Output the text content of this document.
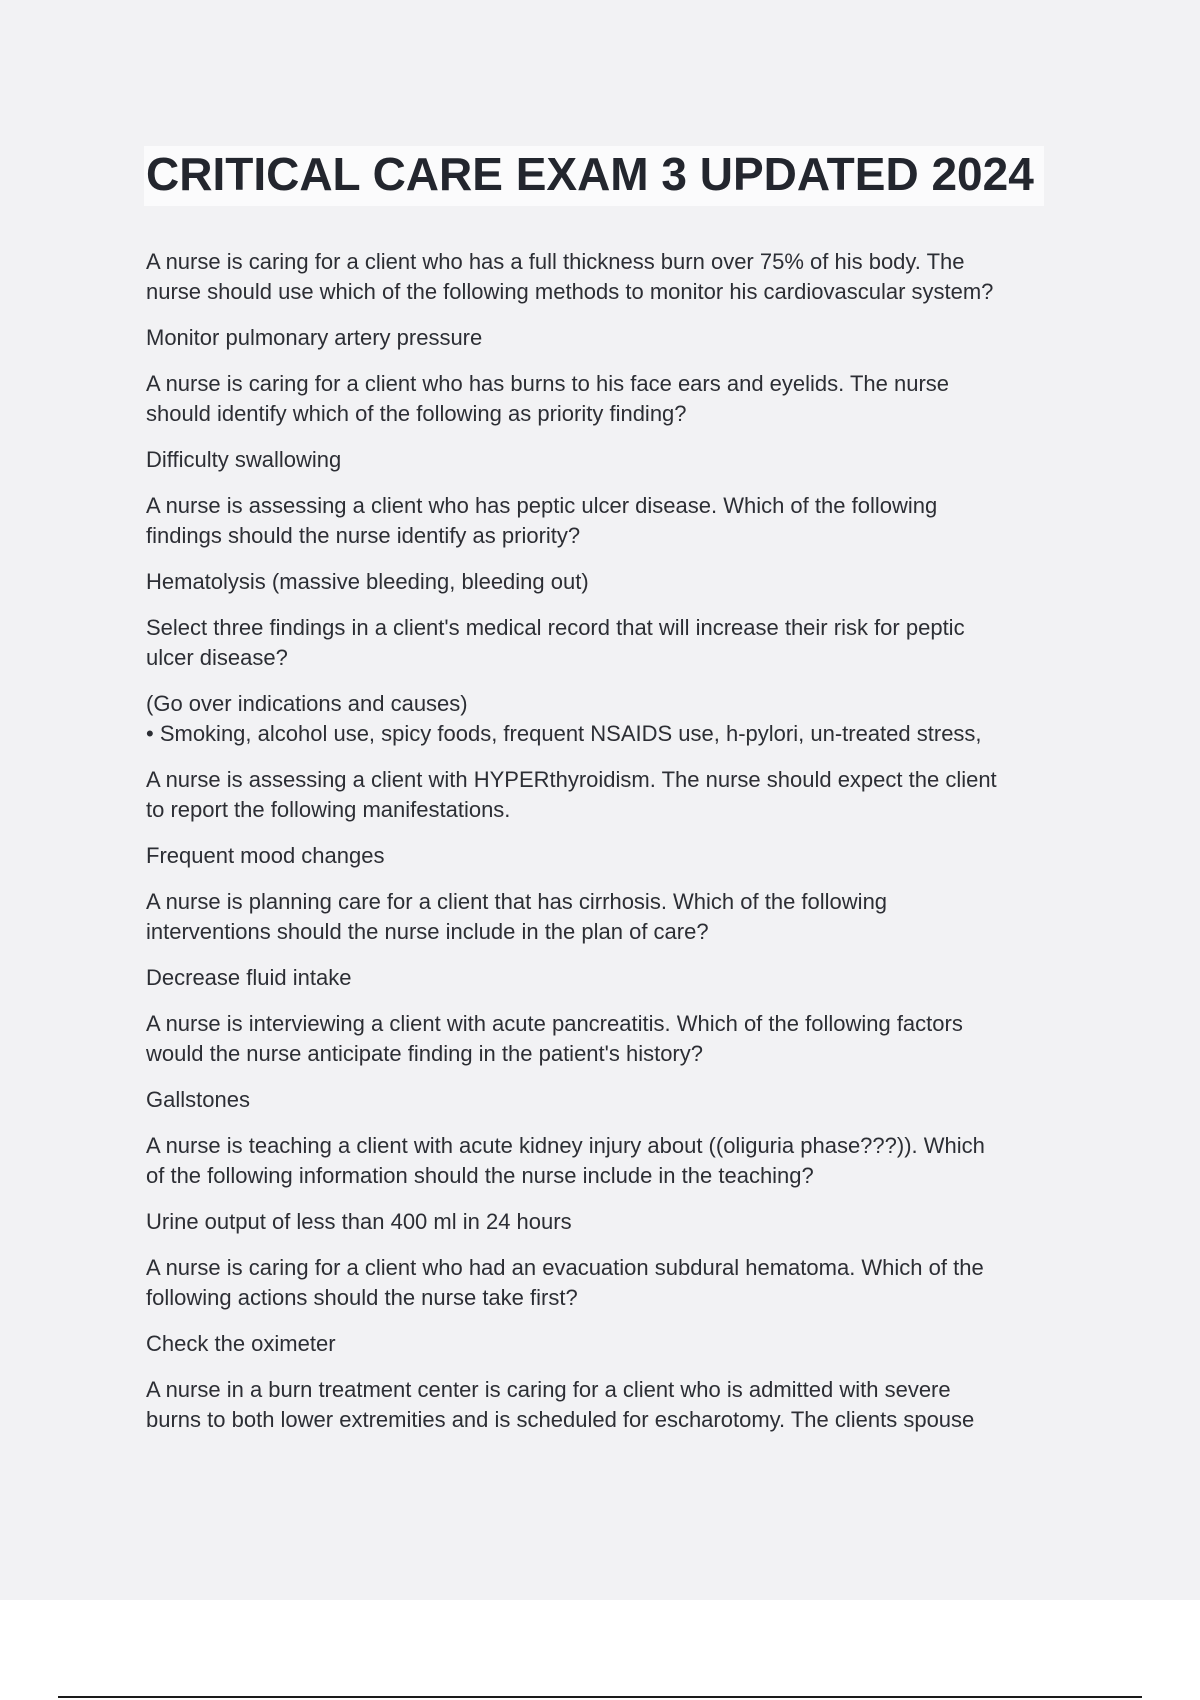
CRITICAL CARE EXAM 3 UPDATED 2024
A nurse is caring for a client who has a full thickness burn over 75% of his body. The
nurse should use which of the following methods to monitor his cardiovascular system?
Monitor pulmonary artery pressure
A nurse is caring for a client who has burns to his face ears and eyelids. The nurse
should identify which of the following as priority finding?
Difficulty swallowing
A nurse is assessing a client who has peptic ulcer disease. Which of the following
findings should the nurse identify as priority?
Hematolysis (massive bleeding, bleeding out)
Select three findings in a client's medical record that will increase their risk for peptic
ulcer disease?
(Go over indications and causes)
• Smoking, alcohol use, spicy foods, frequent NSAIDS use, h-pylori, un-treated stress,
A nurse is assessing a client with HYPERthyroidism. The nurse should expect the client
to report the following manifestations.
Frequent mood changes
A nurse is planning care for a client that has cirrhosis. Which of the following
interventions should the nurse include in the plan of care?
Decrease fluid intake
A nurse is interviewing a client with acute pancreatitis. Which of the following factors
would the nurse anticipate finding in the patient's history?
Gallstones
A nurse is teaching a client with acute kidney injury about ((oliguria phase???)). Which
of the following information should the nurse include in the teaching?
Urine output of less than 400 ml in 24 hours
A nurse is caring for a client who had an evacuation subdural hematoma. Which of the
following actions should the nurse take first?
Check the oximeter
A nurse in a burn treatment center is caring for a client who is admitted with severe
burns to both lower extremities and is scheduled for escharotomy. The clients spouse
